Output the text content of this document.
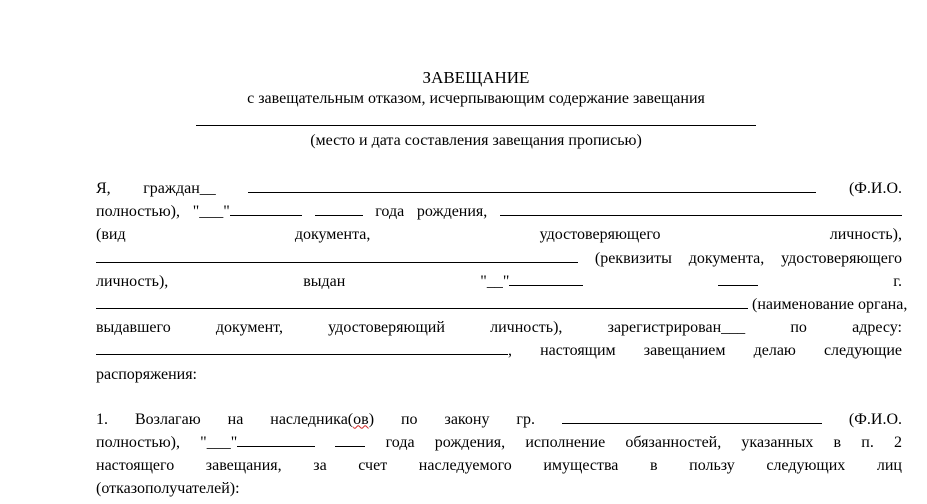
ЗАВЕЩАНИЕ
с завещательным отказом, исчерпывающим содержание завещания
(место и дата составления завещания прописью)
Я, граждан__	(Ф.И.О.
полностью), "___"	года рождения,
(вид документа, удостоверяющего личность),
(реквизиты документа, удостоверяющего
личность), выдан	"__"	г.
(наименование органа,
выдавшего документ, удостоверяющий личность), зарегистрирован___ по адресу:
, настоящим завещанием делаю следующие
распоряжения:
1. Возлагаю на наследника(ов) по закону гр.	(Ф.И.О.
полностью), "___"	года рождения, исполнение обязанностей, указанных в п. 2
настоящего завещания, за счет наследуемого имущества в пользу следующих лиц
(отказополучателей):
